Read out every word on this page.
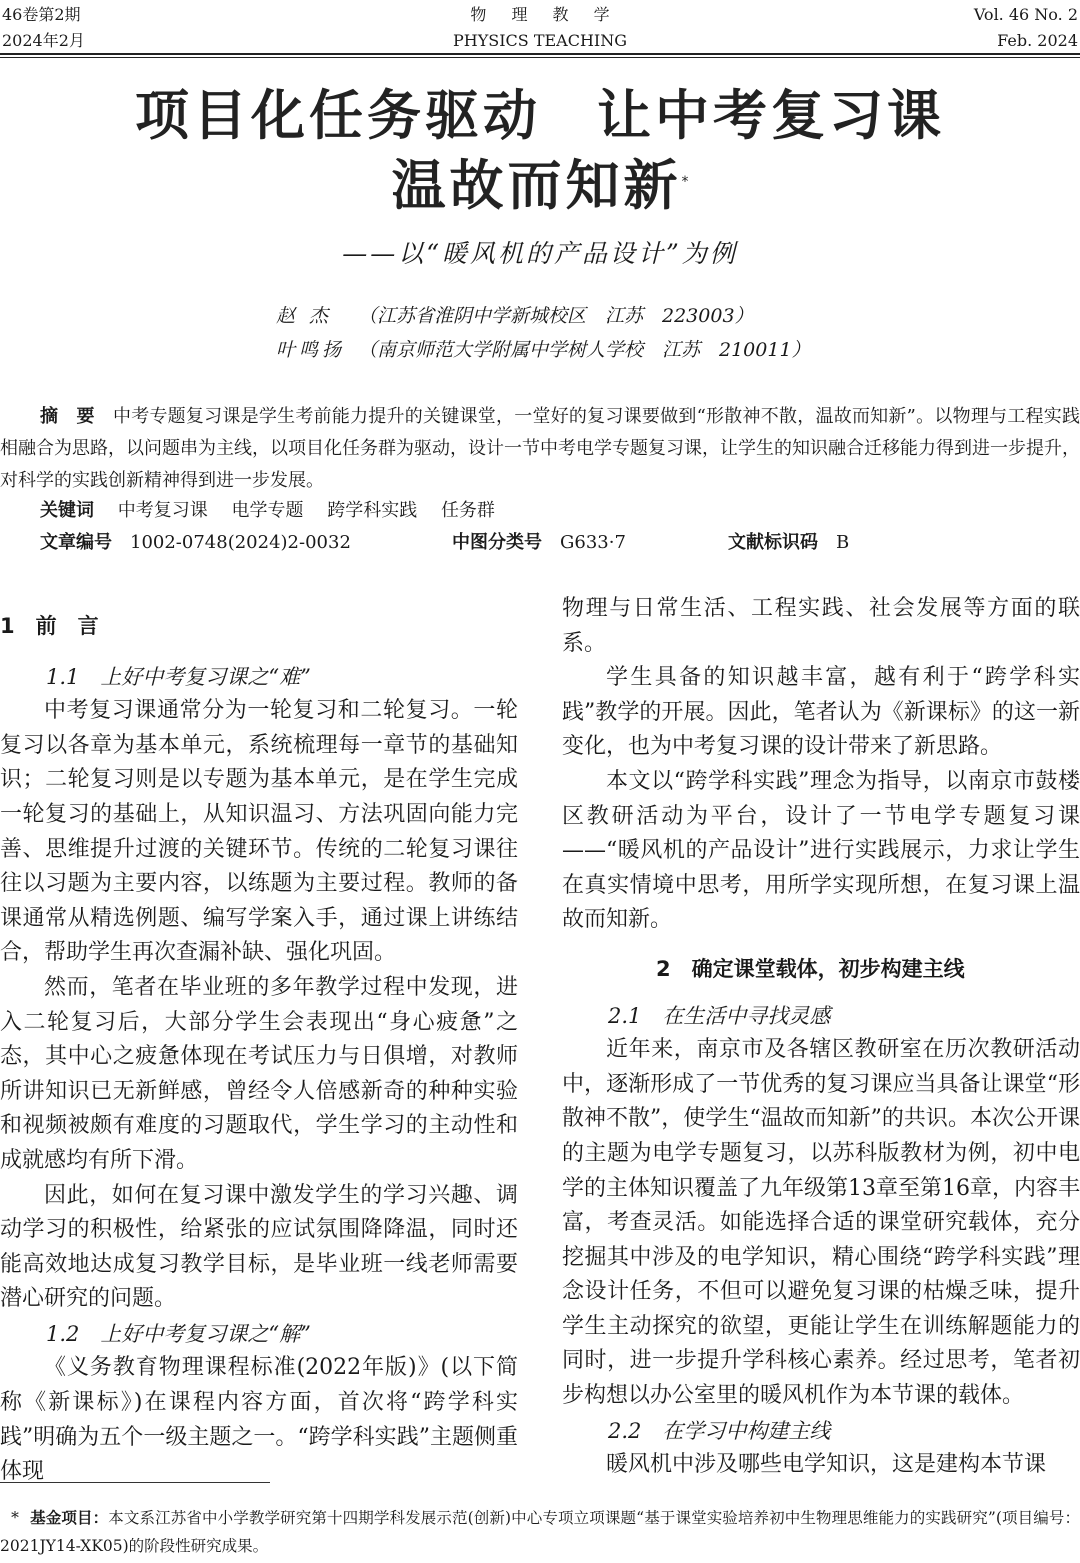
46卷第2期
2024年2月
物 理 教 学
PHYSICS TEACHING
Vol. 46 No. 2
Feb. 2024
项目化任务驱动 让中考复习课
温故而知新*
——以“暖风机的产品设计”为例
赵 杰 （江苏省淮阴中学新城校区　江苏　223003）
叶鸣扬 （南京师范大学附属中学树人学校　江苏　210011）

摘　要　 中考专题复习课是学生考前能力提升的关键课堂，一堂好的复习课要做到“形散神不散，温故而知新”。以物理与工程实践相融合为思路，以问题串为主线，以项目化任务群为驱动，设计一节中考电学专题复习课，让学生的知识融合迁移能力得到进一步提升，对科学的实践创新精神得到进一步发展。

关键词　 中考复习课 电学专题 跨学科实践 任务群
文章编号　 1002-0748(2024)2-0032	中图分类号　 G633·7	文献标识码　 B

1　前　言

1.1　上好中考复习课之“难”

中考复习课通常分为一轮复习和二轮复习。一轮复习以各章为基本单元，系统梳理每一章节的基础知识；二轮复习则是以专题为基本单元，是在学生完成一轮复习的基础上，从知识温习、方法巩固向能力完善、思维提升过渡的关键环节。传统的二轮复习课往往以习题为主要内容，以练题为主要过程。教师的备课通常从精选例题、编写学案入手，通过课上讲练结合，帮助学生再次查漏补缺、强化巩固。

然而，笔者在毕业班的多年教学过程中发现，进入二轮复习后，大部分学生会表现出“身心疲惫”之态，其中心之疲惫体现在考试压力与日俱增，对教师所讲知识已无新鲜感，曾经令人倍感新奇的种种实验和视频被颇有难度的习题取代，学生学习的主动性和成就感均有所下滑。

因此，如何在复习课中激发学生的学习兴趣、调动学习的积极性，给紧张的应试氛围降降温，同时还能高效地达成复习教学目标，是毕业班一线老师需要潜心研究的问题。

1.2　上好中考复习课之“解”

《义务教育物理课程标准(2022年版)》(以下简称《新课标》)在课程内容方面，首次将“跨学科实践”明确为五个一级主题之一。“跨学科实践”主题侧重体现

物理与日常生活、工程实践、社会发展等方面的联系。

学生具备的知识越丰富，越有利于“跨学科实践”教学的开展。因此，笔者认为《新课标》的这一新变化，也为中考复习课的设计带来了新思路。

本文以“跨学科实践”理念为指导，以南京市鼓楼区教研活动为平台，设计了一节电学专题复习课——“暖风机的产品设计”进行实践展示，力求让学生在真实情境中思考，用所学实现所想，在复习课上温故而知新。

2　确定课堂载体，初步构建主线

2.1　在生活中寻找灵感

近年来，南京市及各辖区教研室在历次教研活动中，逐渐形成了一节优秀的复习课应当具备让课堂“形散神不散”，使学生“温故而知新”的共识。本次公开课的主题为电学专题复习，以苏科版教材为例，初中电学的主体知识覆盖了九年级第13章至第16章，内容丰富，考查灵活。如能选择合适的课堂研究载体，充分挖掘其中涉及的电学知识，精心围绕“跨学科实践”理念设计任务，不但可以避免复习课的枯燥乏味，提升学生主动探究的欲望，更能让学生在训练解题能力的同时，进一步提升学科核心素养。经过思考，笔者初步构想以办公室里的暖风机作为本节课的载体。

2.2　在学习中构建主线

暖风机中涉及哪些电学知识，这是建构本节课

* 基金项目：本文系江苏省中小学教学研究第十四期学科发展示范(创新)中心专项立项课题“基于课堂实验培养初中生物理思维能力的实践研究”(项目编号：2021JY14-XK05)的阶段性研究成果。
